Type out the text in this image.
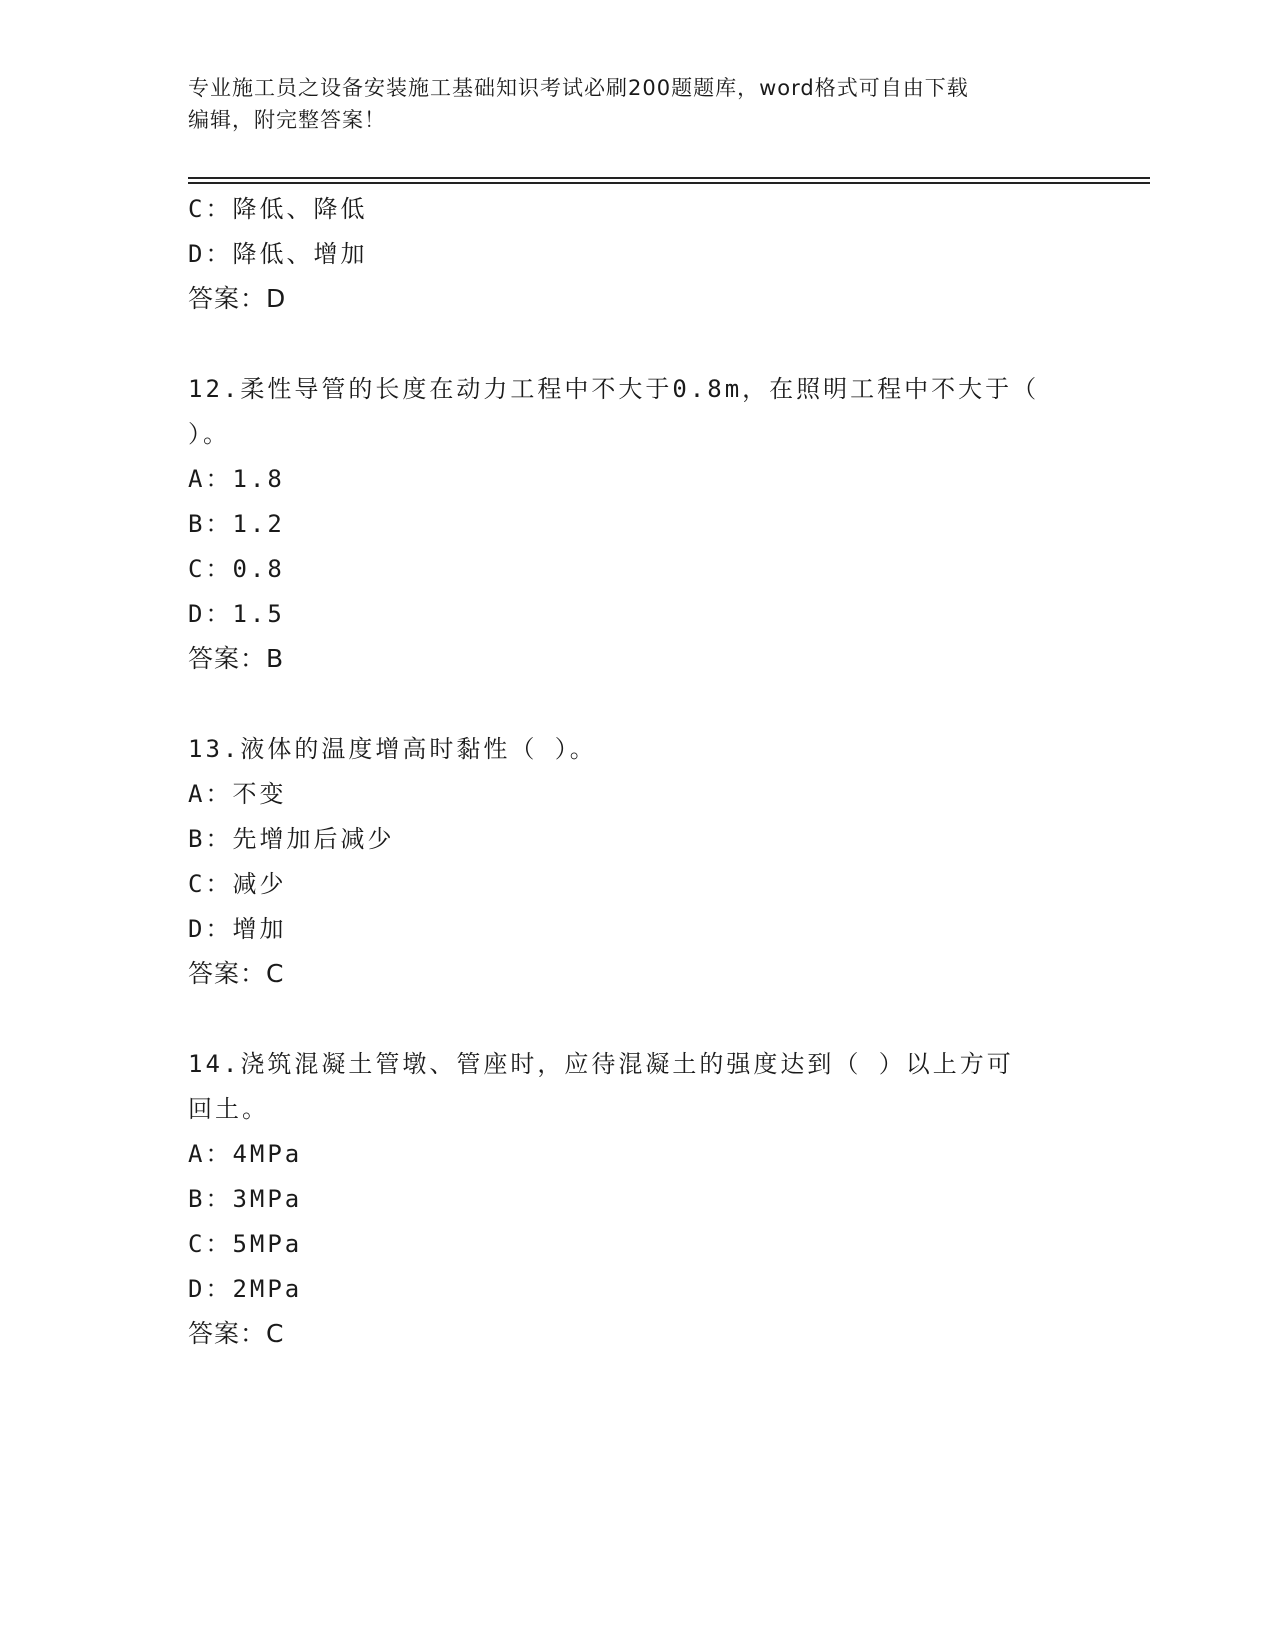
专业施工员之设备安装施工基础知识考试必刷200题题库，word格式可自由下载
编辑，附完整答案！
C：降低、降低
D：降低、增加
答案：D
12.柔性导管的长度在动力工程中不大于0.8m，在照明工程中不大于（
）。
A：1.8
B：1.2
C：0.8
D：1.5
答案：B
13.液体的温度增高时黏性（ ）。
A：不变
B：先增加后减少
C：减少
D：增加
答案：C
14.浇筑混凝土管墩、管座时，应待混凝土的强度达到（ ）以上方可
回土。
A：4MPa
B：3MPa
C：5MPa
D：2MPa
答案：C
